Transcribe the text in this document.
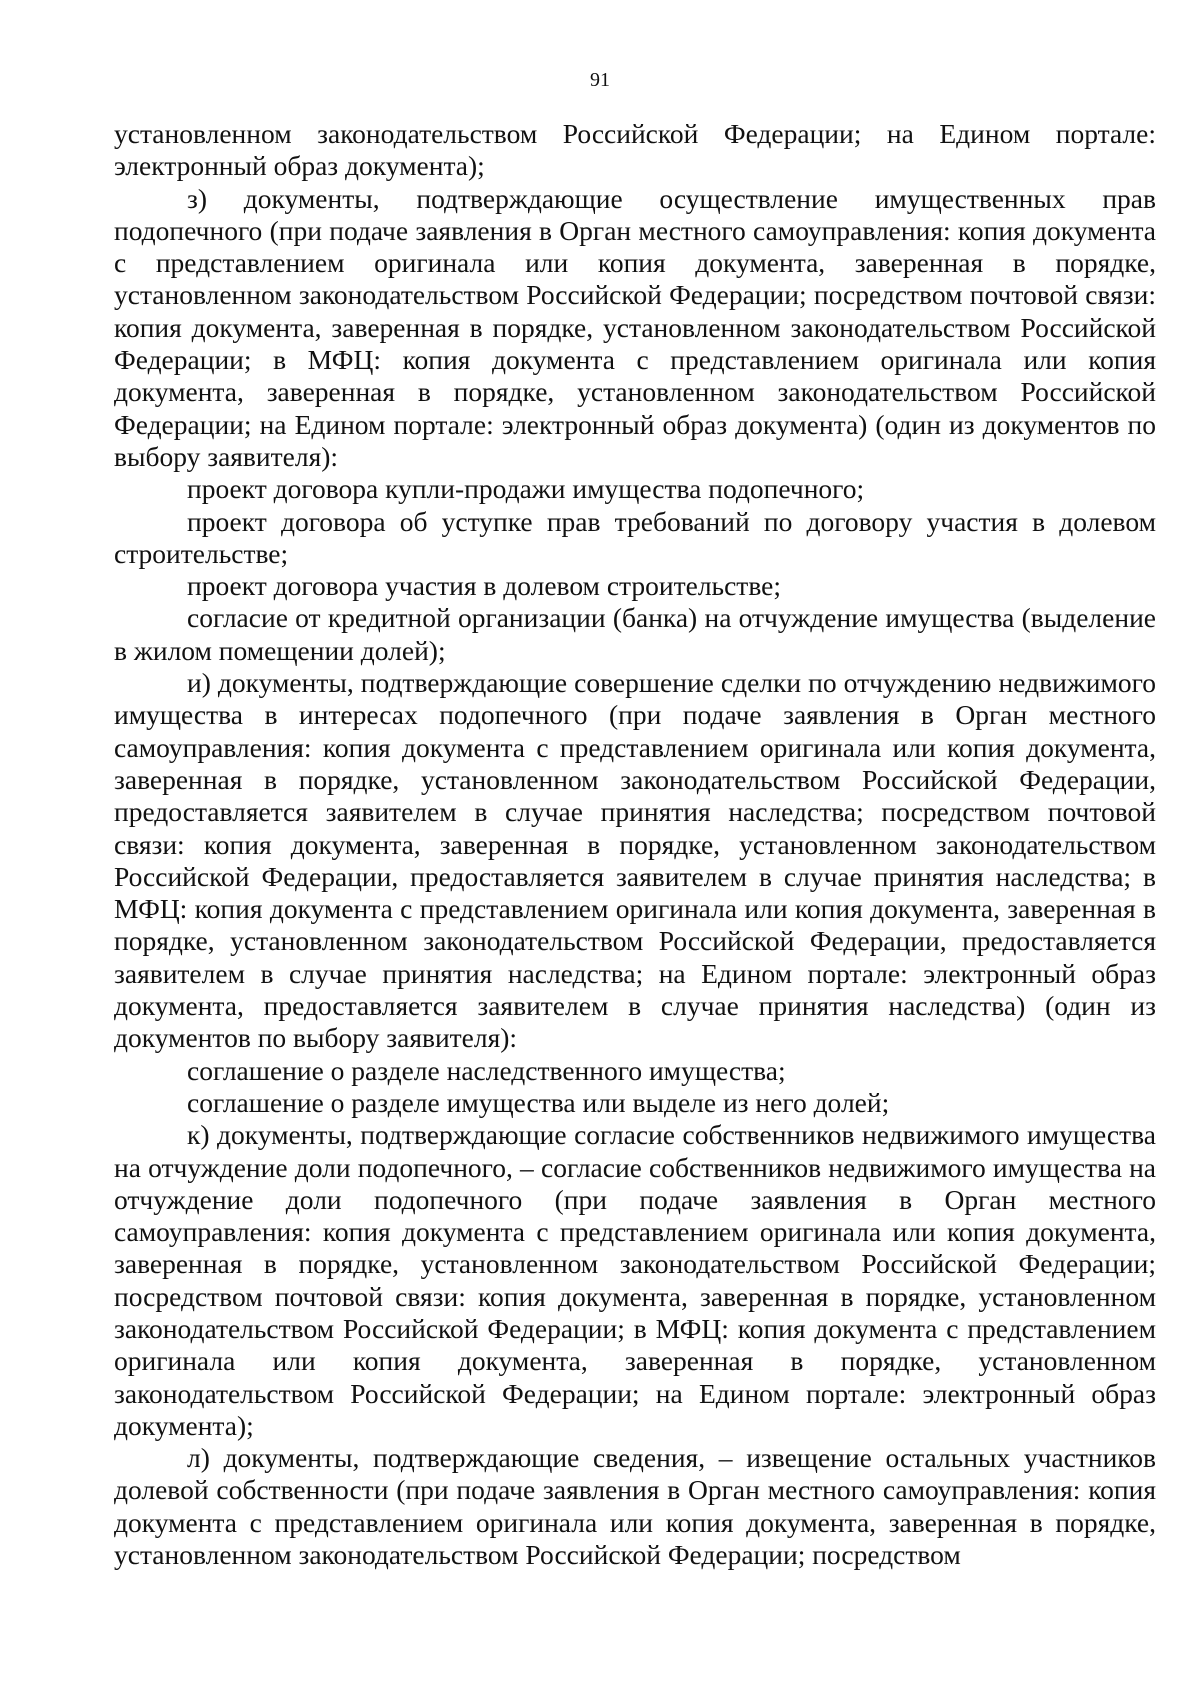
91

установленном законодательством Российской Федерации; на Едином портале: электронный образ документа);

з) документы, подтверждающие осуществление имущественных прав подопечного (при подаче заявления в Орган местного самоуправления: копия документа с представлением оригинала или копия документа, заверенная в порядке, установленном законодательством Российской Федерации; посредством почтовой связи: копия документа, заверенная в порядке, установленном законодательством Российской Федерации; в МФЦ: копия документа с представлением оригинала или копия документа, заверенная в порядке, установленном законодательством Российской Федерации; на Едином портале: электронный образ документа) (один из документов по выбору заявителя):

проект договора купли-продажи имущества подопечного;

проект договора об уступке прав требований по договору участия в долевом строительстве;

проект договора участия в долевом строительстве;

согласие от кредитной организации (банка) на отчуждение имущества (выделение в жилом помещении долей);

и) документы, подтверждающие совершение сделки по отчуждению недвижимого имущества в интересах подопечного (при подаче заявления в Орган местного самоуправления: копия документа с представлением оригинала или копия документа, заверенная в порядке, установленном законодательством Российской Федерации, предоставляется заявителем в случае принятия наследства; посредством почтовой связи: копия документа, заверенная в порядке, установленном законодательством Российской Федерации, предоставляется заявителем в случае принятия наследства; в МФЦ: копия документа с представлением оригинала или копия документа, заверенная в порядке, установленном законодательством Российской Федерации, предоставляется заявителем в случае принятия наследства; на Едином портале: электронный образ документа, предоставляется заявителем в случае принятия наследства) (один из документов по выбору заявителя):

соглашение о разделе наследственного имущества;

соглашение о разделе имущества или выделе из него долей;

к) документы, подтверждающие согласие собственников недвижимого имущества на отчуждение доли подопечного, – согласие собственников недвижимого имущества на отчуждение доли подопечного (при подаче заявления в Орган местного самоуправления: копия документа с представлением оригинала или копия документа, заверенная в порядке, установленном законодательством Российской Федерации; посредством почтовой связи: копия документа, заверенная в порядке, установленном законодательством Российской Федерации; в МФЦ: копия документа с представлением оригинала или копия документа, заверенная в порядке, установленном законодательством Российской Федерации; на Едином портале: электронный образ документа);

л) документы, подтверждающие сведения, – извещение остальных участников долевой собственности (при подаче заявления в Орган местного самоуправления: копия документа с представлением оригинала или копия документа, заверенная в порядке, установленном законодательством Российской Федерации; посредством
